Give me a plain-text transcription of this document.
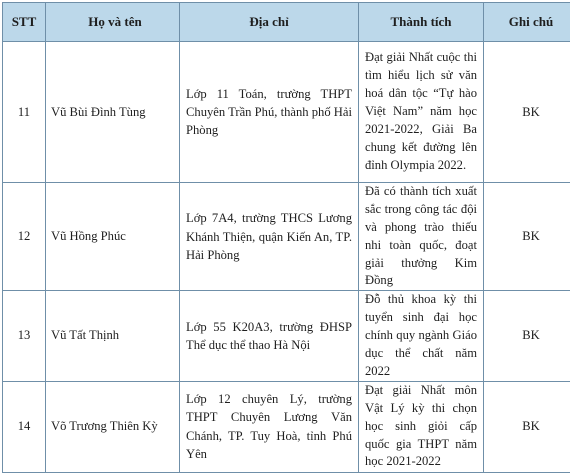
STT	Họ và tên	Địa chỉ	Thành tích	Ghi chú
11	Vũ Bùi Đình Tùng	Lớp 11 Toán, trường THPT Chuyên Trần Phú, thành phố Hải Phòng	Đạt giải Nhất cuộc thi tìm hiểu lịch sử văn hoá dân tộc “Tự hào Việt Nam” năm học 2021-2022, Giải Ba chung kết đường lên đỉnh Olympia 2022.	BK
12	Vũ Hồng Phúc	Lớp 7A4, trường THCS Lương Khánh Thiện, quận Kiến An, TP. Hải Phòng	Đã có thành tích xuất sắc trong công tác đội và phong trào thiếu nhi toàn quốc, đoạt giải thưởng Kim Đồng	BK
13	Vũ Tất Thịnh	Lớp 55 K20A3, trường ĐHSP Thể dục thể thao Hà Nội	Đỗ thủ khoa kỳ thi tuyển sinh đại học chính quy ngành Giáo dục thể chất năm 2022	BK
14	Võ Trương Thiên Kỳ	Lớp 12 chuyên Lý, trường THPT Chuyên Lương Văn Chánh, TP. Tuy Hoà, tỉnh Phú Yên	Đạt giải Nhất môn Vật Lý kỳ thi chọn học sinh giỏi cấp quốc gia THPT năm học 2021-2022	BK
